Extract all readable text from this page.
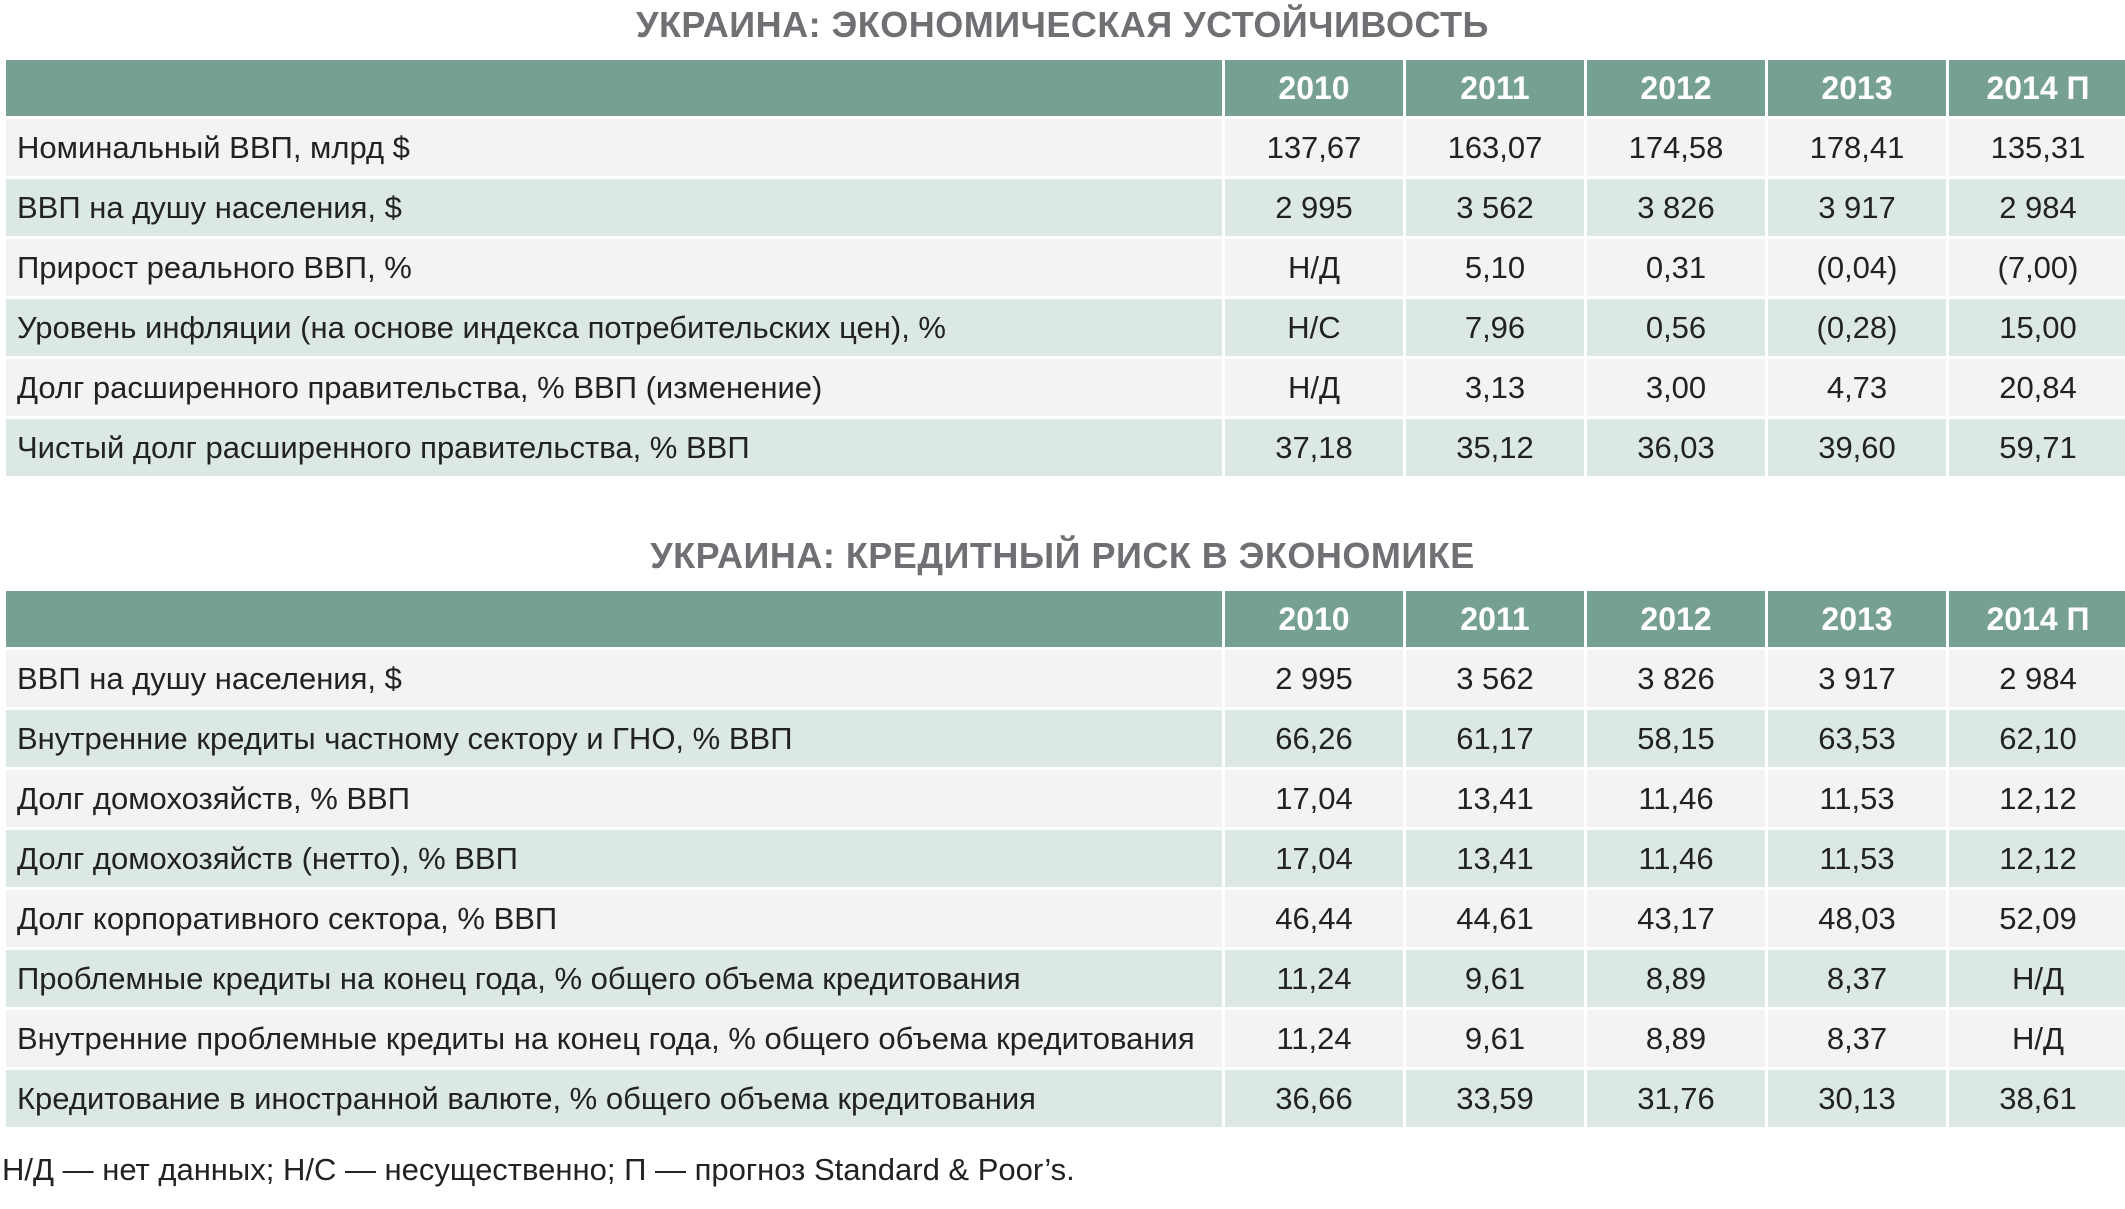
УКРАИНА: ЭКОНОМИЧЕСКАЯ УСТОЙЧИВОСТЬ
	2010	2011	2012	2013	2014 П
Номинальный ВВП, млрд $	137,67	163,07	174,58	178,41	135,31
ВВП на душу населения, $	2 995	3 562	3 826	3 917	2 984
Прирост реального ВВП, %	Н/Д	5,10	0,31	(0,04)	(7,00)
Уровень инфляции (на основе индекса потребительских цен), %	Н/С	7,96	0,56	(0,28)	15,00
Долг расширенного правительства, % ВВП (изменение)	Н/Д	3,13	3,00	4,73	20,84
Чистый долг расширенного правительства, % ВВП	37,18	35,12	36,03	39,60	59,71
УКРАИНА: КРЕДИТНЫЙ РИСК В ЭКОНОМИКЕ
	2010	2011	2012	2013	2014 П
ВВП на душу населения, $	2 995	3 562	3 826	3 917	2 984
Внутренние кредиты частному сектору и ГНО, % ВВП	66,26	61,17	58,15	63,53	62,10
Долг домохозяйств, % ВВП	17,04	13,41	11,46	11,53	12,12
Долг домохозяйств (нетто), % ВВП	17,04	13,41	11,46	11,53	12,12
Долг корпоративного сектора, % ВВП	46,44	44,61	43,17	48,03	52,09
Проблемные кредиты на конец года, % общего объема кредитования	11,24	9,61	8,89	8,37	Н/Д
Внутренние проблемные кредиты на конец года, % общего объема кредитования	11,24	9,61	8,89	8,37	Н/Д
Кредитование в иностранной валюте, % общего объема кредитования	36,66	33,59	31,76	30,13	38,61
Н/Д — нет данных; Н/С — несущественно; П — прогноз Standard & Poor’s.
